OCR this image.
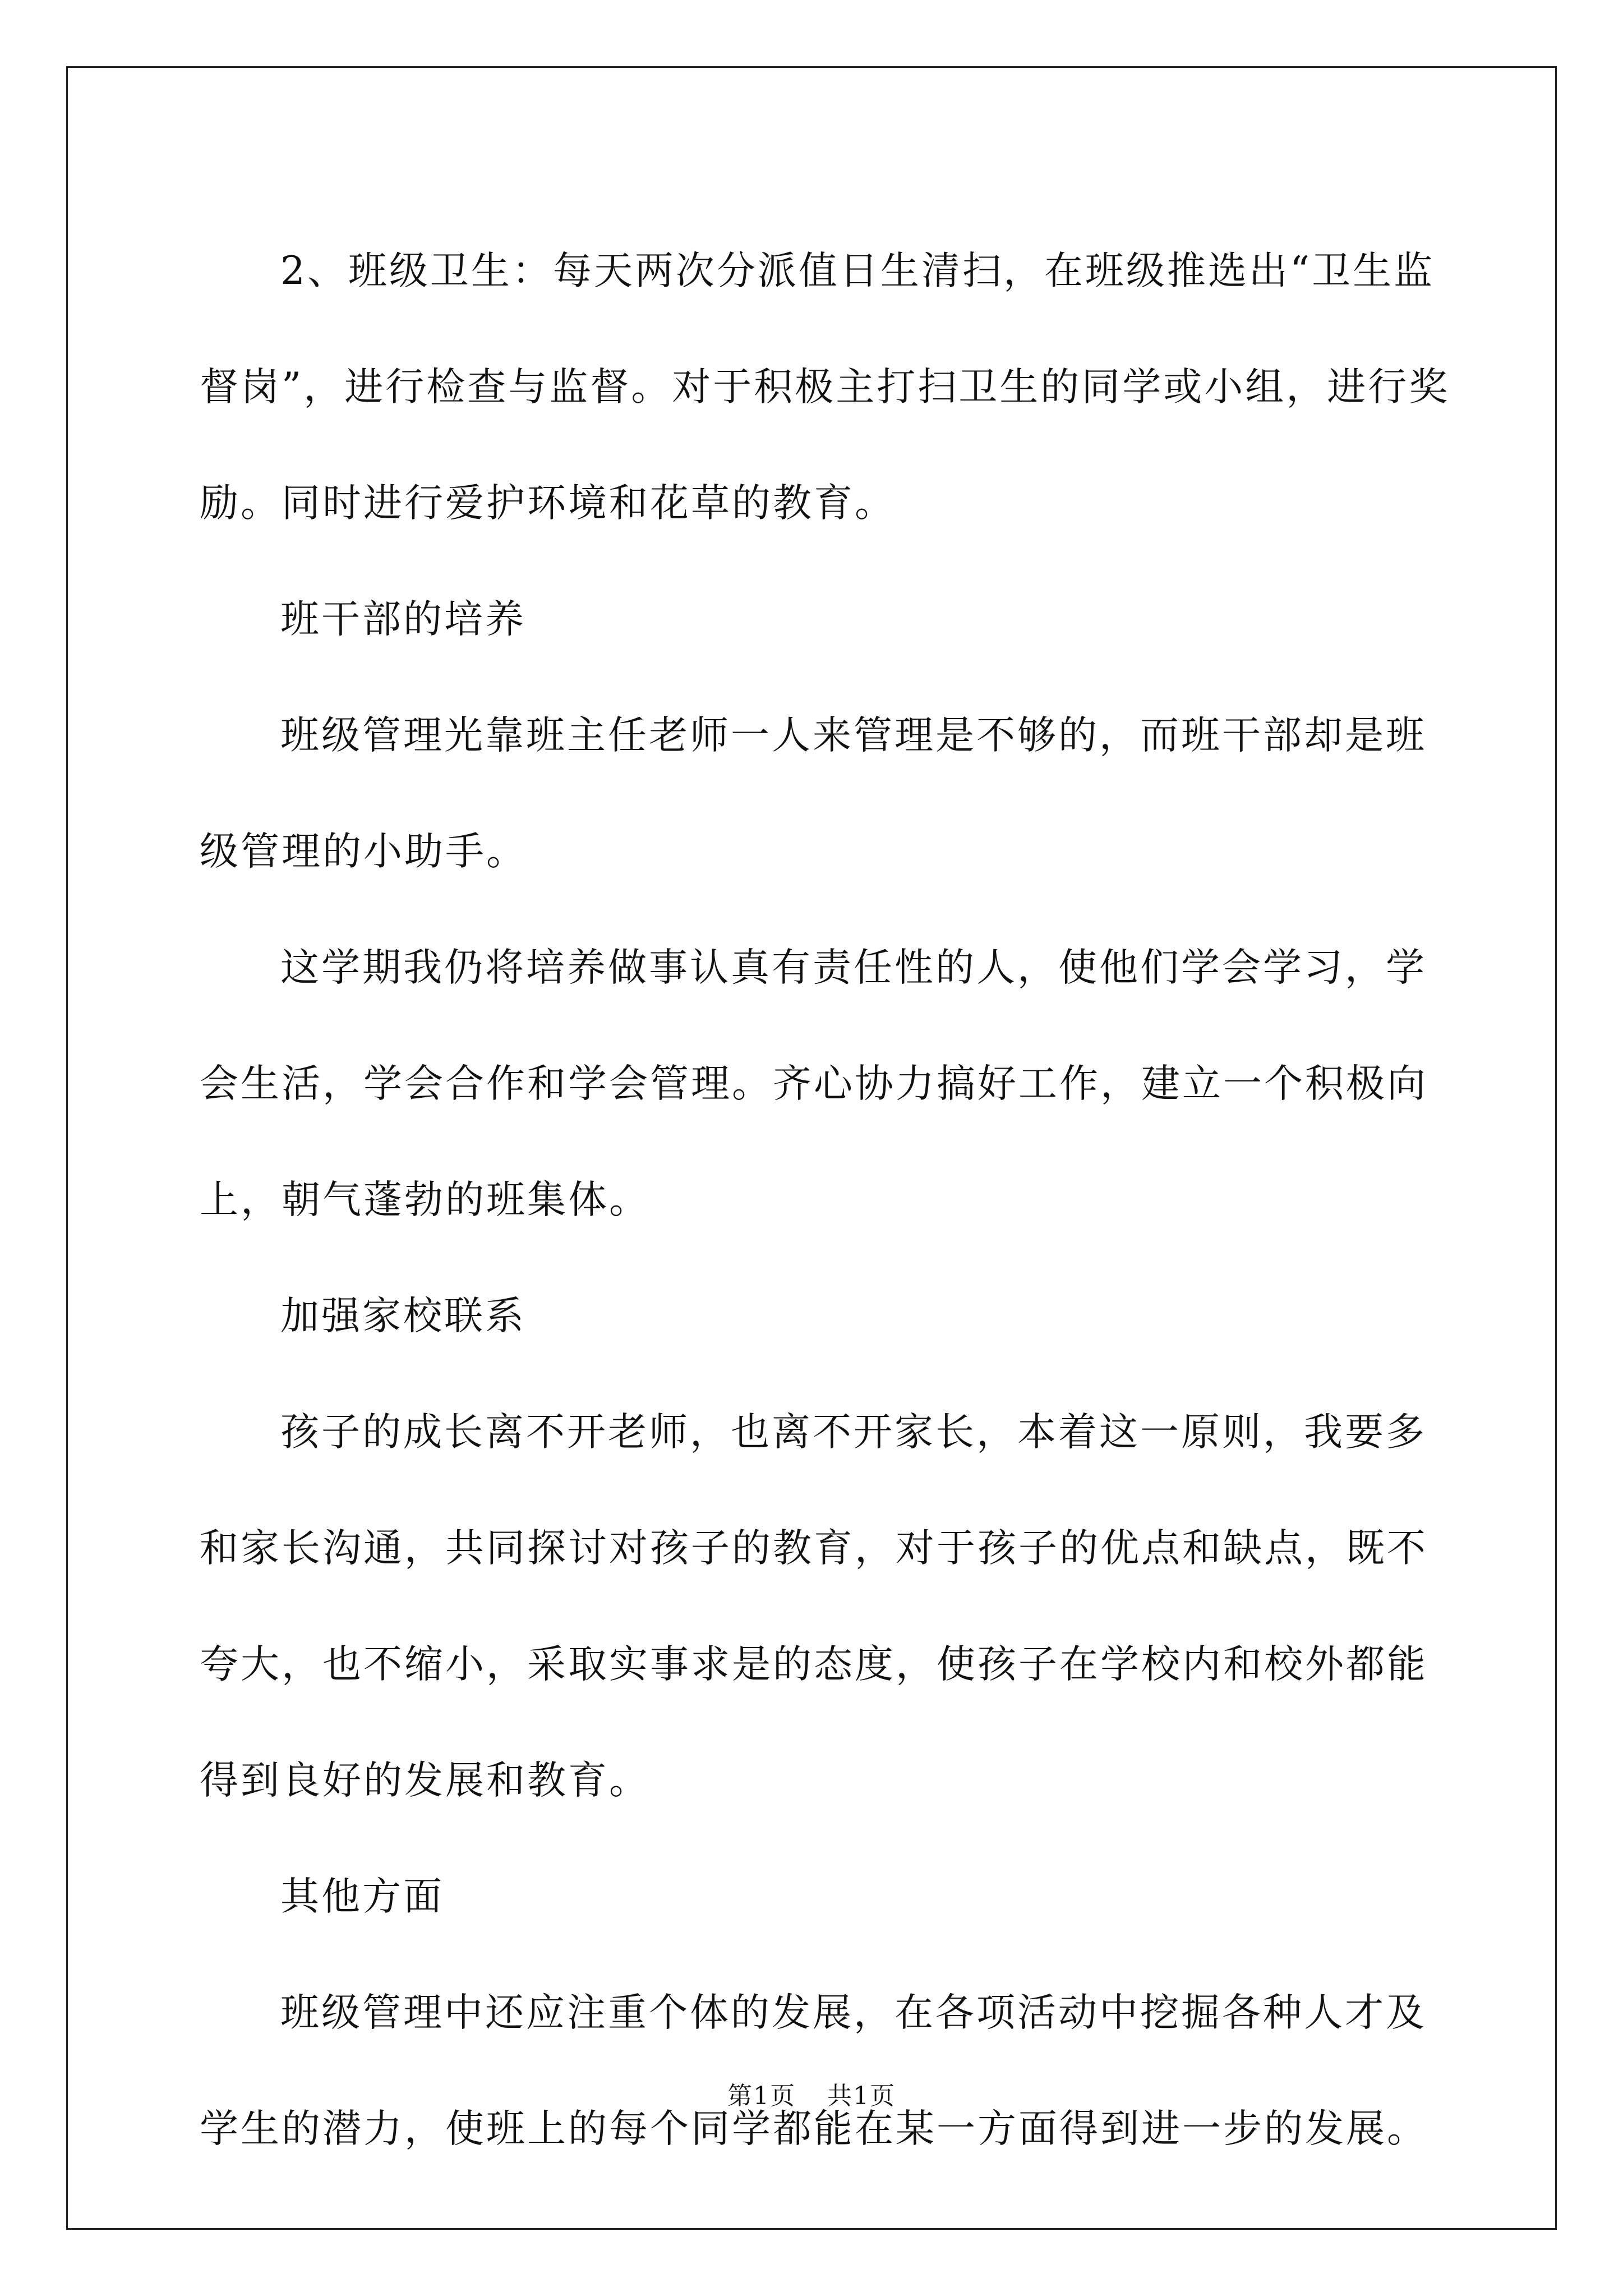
2、班级卫生：每天两次分派值日生清扫，在班级推选出“卫生监
督岗”，进行检查与监督。对于积极主打扫卫生的同学或小组，进行奖
励。同时进行爱护环境和花草的教育。
班干部的培养
班级管理光靠班主任老师一人来管理是不够的，而班干部却是班
级管理的小助手。
这学期我仍将培养做事认真有责任性的人，使他们学会学习，学
会生活，学会合作和学会管理。齐心协力搞好工作，建立一个积极向
上，朝气蓬勃的班集体。
加强家校联系
孩子的成长离不开老师，也离不开家长，本着这一原则，我要多
和家长沟通，共同探讨对孩子的教育，对于孩子的优点和缺点，既不
夸大，也不缩小，采取实事求是的态度，使孩子在学校内和校外都能
得到良好的发展和教育。
其他方面
班级管理中还应注重个体的发展，在各项活动中挖掘各种人才及
学生的潜力，使班上的每个同学都能在某一方面得到进一步的发展。
第1页 共1页
